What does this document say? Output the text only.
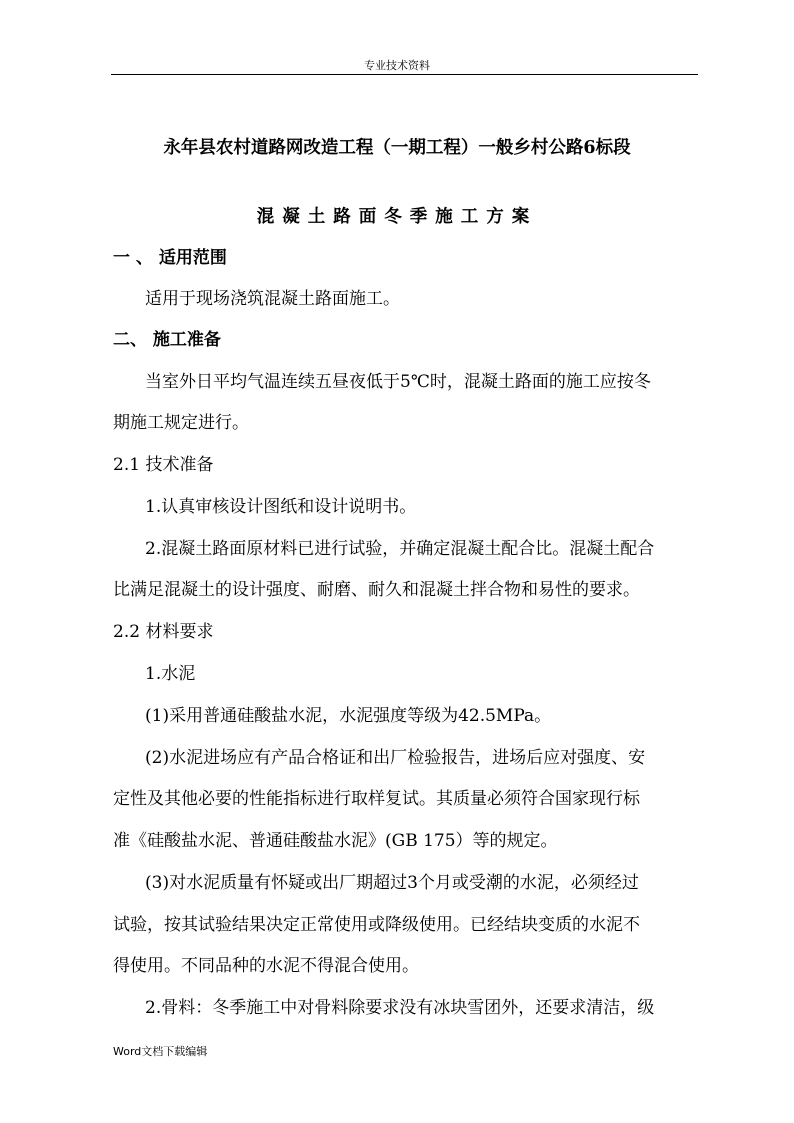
专业技术资料
永年县农村道路网改造工程（一期工程）一般乡村公路6标段
混凝土路面冬季施工方案
一 、 适用范围
适用于现场浇筑混凝土路面施工。
二、 施工准备
当室外日平均气温连续五昼夜低于5℃时，混凝土路面的施工应按冬
期施工规定进行。
2.1 技术准备
1.认真审核设计图纸和设计说明书。
2.混凝土路面原材料已进行试验，并确定混凝土配合比。混凝土配合
比满足混凝土的设计强度、耐磨、耐久和混凝土拌合物和易性的要求。
2.2 材料要求
1.水泥
(1)采用普通硅酸盐水泥，水泥强度等级为42.5MPa。
(2)水泥进场应有产品合格证和出厂检验报告，进场后应对强度、安
定性及其他必要的性能指标进行取样复试。其质量必须符合国家现行标
准《硅酸盐水泥、普通硅酸盐水泥》(GB 175）等的规定。
(3)对水泥质量有怀疑或出厂期超过3个月或受潮的水泥，必须经过
试验，按其试验结果决定正常使用或降级使用。已经结块变质的水泥不
得使用。不同品种的水泥不得混合使用。
2.骨料：冬季施工中对骨料除要求没有冰块雪团外，还要求清洁，级
Word文档下载编辑
